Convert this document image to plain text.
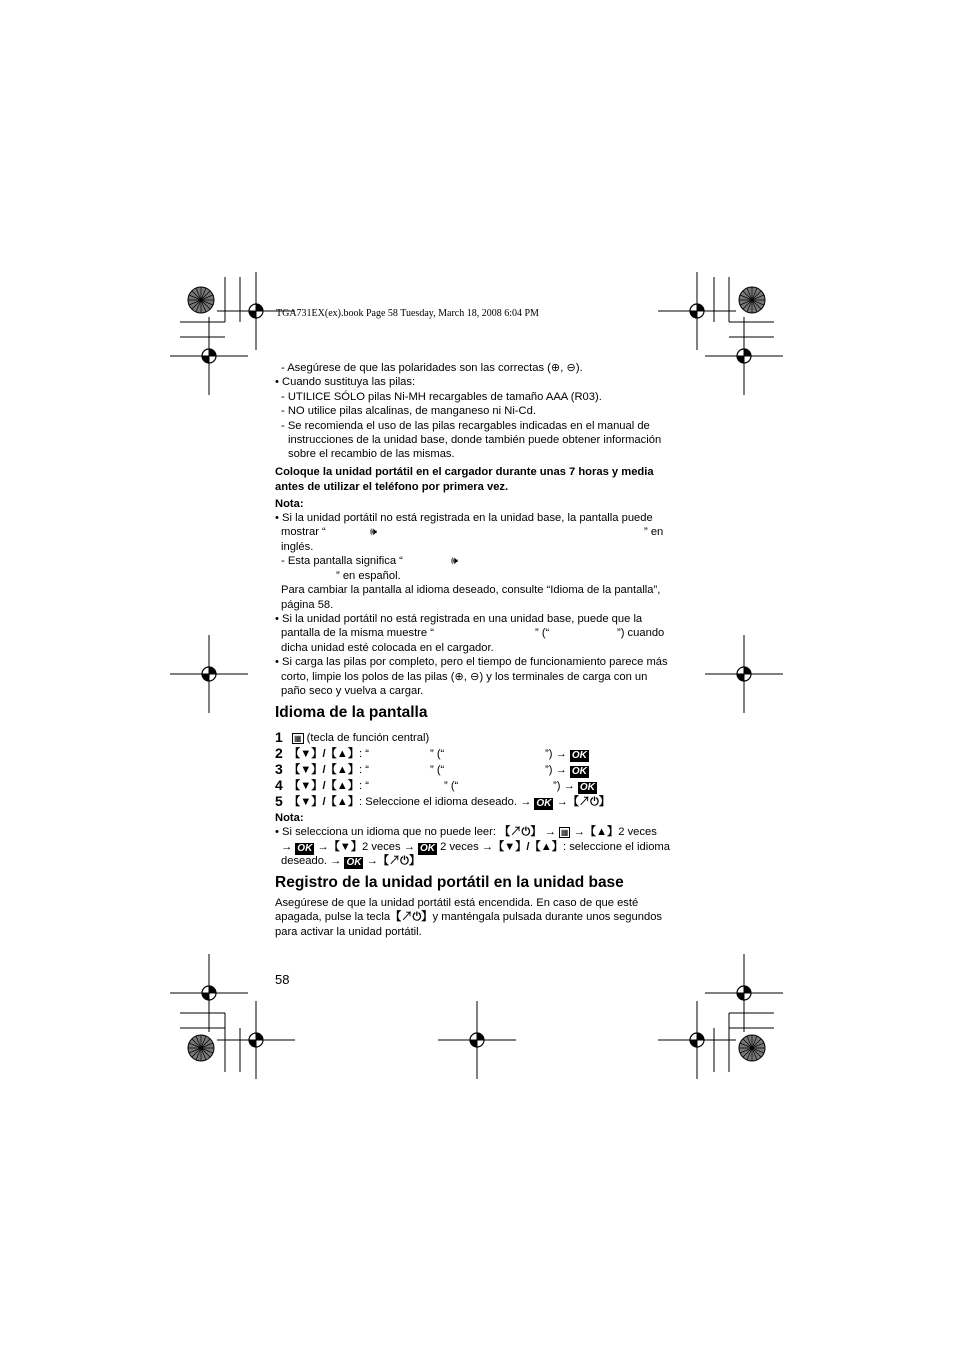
TGA731EX(ex).book Page 58 Tuesday, March 18, 2008 6:04 PM
- Asegúrese de que las polaridades son las correctas (⊕, ⊖).
• Cuando sustituya las pilas:
- UTILICE SÓLO pilas Ni-MH recargables de tamaño AAA (R03).
- NO utilice pilas alcalinas, de manganeso ni Ni-Cd.
- Se recomienda el uso de las pilas recargables indicadas en el manual de
instrucciones de la unidad base, donde también puede obtener información
sobre el recambio de las mismas.
Coloque la unidad portátil en el cargador durante unas 7 horas y media
antes de utilizar el teléfono por primera vez.
Nota:
• Si la unidad portátil no está registrada en la unidad base, la pantalla puede
mostrar “	🕪	” en
inglés.
- Esta pantalla significa “	🕪
” en español.
Para cambiar la pantalla al idioma deseado, consulte “Idioma de la pantalla”,
página 58.
• Si la unidad portátil no está registrada en una unidad base, puede que la
pantalla de la misma muestre “	” (“	”) cuando
dicha unidad esté colocada en el cargador.
• Si carga las pilas por completo, pero el tiempo de funcionamiento parece más
corto, limpie los polos de las pilas (⊕, ⊖) y los terminales de carga con un
paño seco y vuelva a cargar.
Idioma de la pantalla
1 ▦ (tecla de función central)
2 【▼】/【▲】: “	” (“	”) → OK
3 【▼】/【▲】: “	” (“	”) → OK
4 【▼】/【▲】: “	” (“	”) → OK
5 【▼】/【▲】: Seleccione el idioma deseado. → OK →【↗⏻】
Nota:
• Si selecciona un idioma que no puede leer: 【↗⏻】 → ▦ →【▲】2 veces
→ OK →【▼】2 veces → OK 2 veces →【▼】/【▲】: seleccione el idioma
deseado. → OK →【↗⏻】
Registro de la unidad portátil en la unidad base
Asegúrese de que la unidad portátil está encendida. En caso de que esté
apagada, pulse la tecla【↗⏻】y manténgala pulsada durante unos segundos
para activar la unidad portátil.
58
